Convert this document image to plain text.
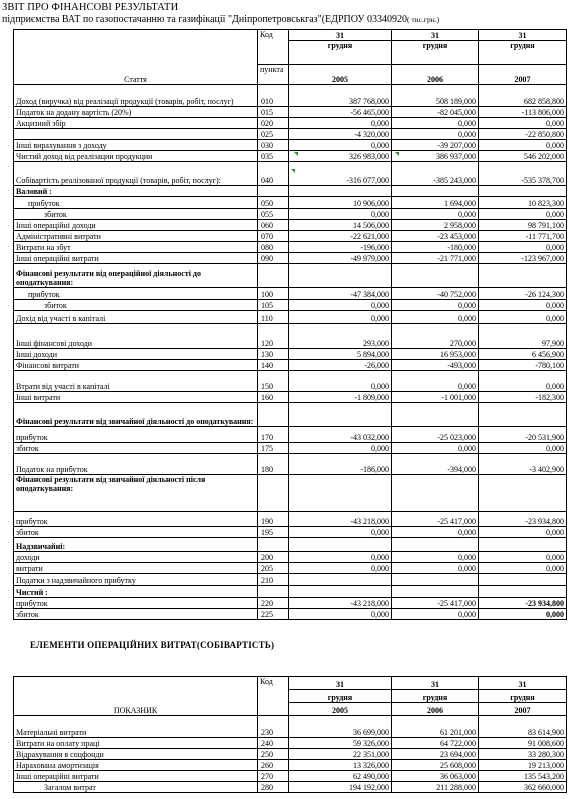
ЗВІТ ПРО ФІНАНСОВІ РЕЗУЛЬТАТИ
підприємства ВАТ по газопостачанню та газифікації "Дніпропетровськгаз"(ЕДРПОУ 03340920( тис.грн.)
Стаття	Код	31	31	31
		грудня	грудня	грудня
	пункта	2005	2006	2007
Доход (виручка) від реалізації продукції (товарів, робіт, послуг)	010	387 768,000	508 189,000	682 858,800
Податок на додану вартість (20%)	015	-56 465,000	-82 045,000	-113 806,000
Акцизний збір	020	0,000	0,000	0,000
	025	-4 320,000	0,000	-22 850,800
Інші вирахування з доходу	030	0,000	-39 207,000	0,000
Чистий доход від реалізации продукции	035	326 983,000	386 937,000	546 202,000
Собівартість реалізованої продукції (товарів, робіт, послуг):	040	-316 077,000	-385 243,000	-535 378,700
Валовий :				
прибуток	050	10 906,000	1 694,000	10 823,300
збиток	055	0,000	0,000	0,000
Інші операційні доходи	060	14 506,000	2 958,000	98 791,100
Адміністративні витрати	070	-22 621,000	-23 453,000	-11 771,700
Витрати на збут	080	-196,000	-180,000	0,000
Інші операційні витрати	090	-49 979,000	-21 771,000	-123 967,000
Фінансові результати від операційної діяльності до оподаткування:				
прибуток	100	-47 384,000	-40 752,000	-26 124,300
збиток	105	0,000	0,000	0,000
Дохід від участі в капіталі	110	0,000	0,000	0,000
Інші фінансові доходи	120	293,000	270,000	97,900
Інші доходи	130	5 894,000	16 953,000	6 456,900
Фінансові витрати	140	-26,000	-493,000	-780,100
Втрати від участі в капіталі	150	0,000	0,000	0,000
Інші витрати	160	-1 809,000	-1 001,000	-182,300
Фінансові результати від звичайної діяльності до оподаткування:				
прибуток	170	-43 032,000	-25 023,000	-20 531,900
збиток	175	0,000	0,000	0,000
Податок на прибуток	180	-186,000	-394,000	-3 402,900
Фінансові результати від звичайної діяльності після оподаткування:				
прибуток	190	-43 218,000	-25 417,000	-23 934,800
збиток	195	0,000	0,000	0,000
Надзвичайні:				
доходи	200	0,000	0,000	0,000
витрати	205	0,000	0,000	0,000
Податки з надзвичайного прибутку	210			
Чистий :				
прибуток	220	-43 218,000	-25 417,000	-23 934,800
збиток	225	0,000	0,000	0,000
ЕЛЕМЕНТИ ОПЕРАЦІЙНИХ ВИТРАТ(СОБІВАРТІСТЬ)
ПОКАЗНИК	Код	31	31	31
		грудня	грудня	грудня
		2005	2006	2007
Матеріальні витрати	230	36 699,000	61 201,000	83 614,900
Витрати на оплату праці	240	59 326,000	64 722,000	91 008,600
Відрахування в соцфонди	250	22 351,000	23 694,000	33 280,300
Нарахована амортизація	260	13 326,000	25 608,000	19 213,000
Інші операційні витрати	270	62 490,000	36 063,000	135 543,200
Загалом витрат	280	194 192,000	211 288,000	362 660,000
